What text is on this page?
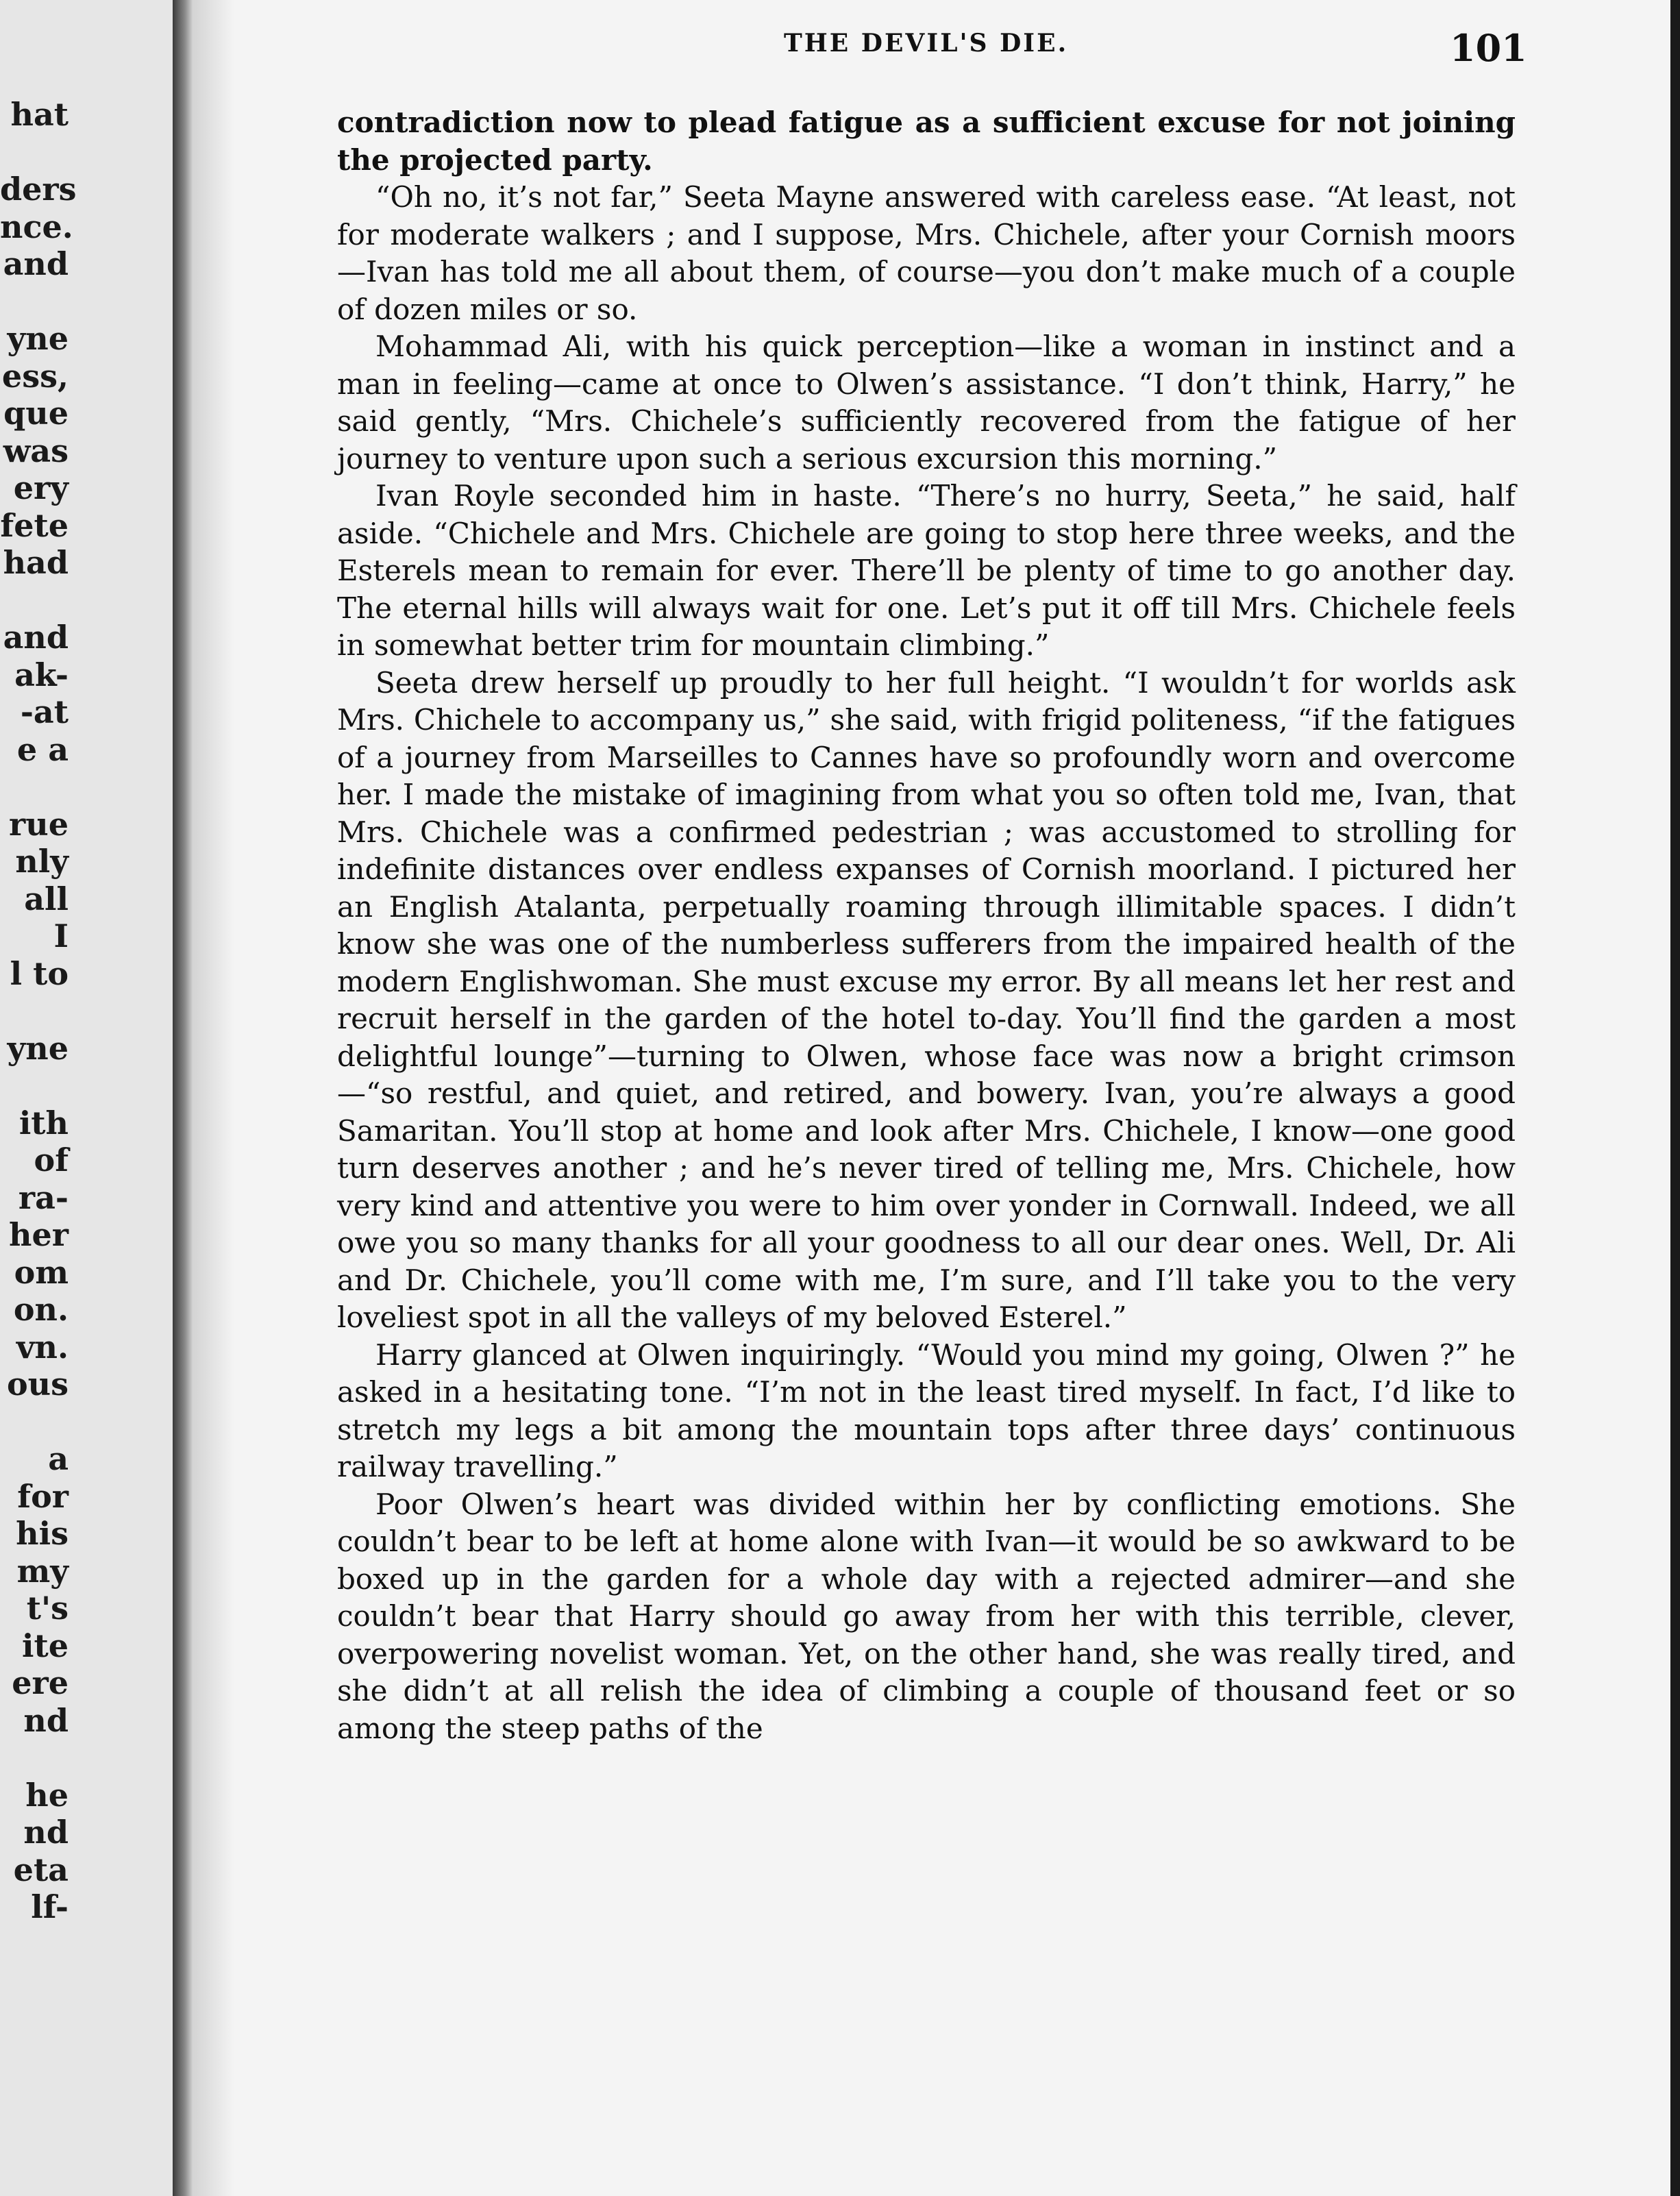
hat
ders
nce.
and
yne
ess,
que
was
ery
fete
had
and
ak-
-at
e a
rue
nly
all
I
l to
yne
ith
of
ra-
her
om
on.
vn.
ous
a
for
his
my
t's
ite
ere
nd
he
nd
eta
lf-
THE DEVIL'S DIE.	101

contradiction now to plead fatigue as a sufficient excuse for not joining the projected party.

“Oh no, it’s not far,” Seeta Mayne answered with careless ease. “At least, not for moderate walkers ; and I suppose, Mrs. Chichele, after your Cornish moors—Ivan has told me all about them, of course—you don’t make much of a couple of dozen miles or so.

Mohammad Ali, with his quick perception—like a woman in instinct and a man in feeling—came at once to Olwen’s assistance. “I don’t think, Harry,” he said gently, “Mrs. Chichele’s sufficiently recovered from the fatigue of her journey to venture upon such a serious excursion this morning.”

Ivan Royle seconded him in haste. “There’s no hurry, Seeta,” he said, half aside. “Chichele and Mrs. Chichele are going to stop here three weeks, and the Esterels mean to remain for ever. There’ll be plenty of time to go another day. The eternal hills will always wait for one. Let’s put it off till Mrs. Chichele feels in somewhat better trim for mountain climbing.”

Seeta drew herself up proudly to her full height. “I wouldn’t for worlds ask Mrs. Chichele to accompany us,” she said, with frigid politeness, “if the fatigues of a journey from Marseilles to Cannes have so profoundly worn and overcome her. I made the mistake of imagining from what you so often told me, Ivan, that Mrs. Chichele was a confirmed pedestrian ; was accustomed to strolling for indefinite distances over endless expanses of Cornish moorland. I pictured her an English Atalanta, perpetually roaming through illimitable spaces. I didn’t know she was one of the numberless sufferers from the impaired health of the modern Englishwoman. She must excuse my error. By all means let her rest and recruit herself in the garden of the hotel to-day. You’ll find the garden a most delightful lounge”—turning to Olwen, whose face was now a bright crimson—“so restful, and quiet, and retired, and bowery. Ivan, you’re always a good Samaritan. You’ll stop at home and look after Mrs. Chichele, I know—one good turn deserves another ; and he’s never tired of telling me, Mrs. Chichele, how very kind and attentive you were to him over yonder in Cornwall. Indeed, we all owe you so many thanks for all your goodness to all our dear ones. Well, Dr. Ali and Dr. Chichele, you’ll come with me, I’m sure, and I’ll take you to the very loveliest spot in all the valleys of my beloved Esterel.”

Harry glanced at Olwen inquiringly. “Would you mind my going, Olwen ?” he asked in a hesitating tone. “I’m not in the least tired myself. In fact, I’d like to stretch my legs a bit among the mountain tops after three days’ continuous railway travelling.”

Poor Olwen’s heart was divided within her by conflicting emotions. She couldn’t bear to be left at home alone with Ivan—it would be so awkward to be boxed up in the garden for a whole day with a rejected admirer—and she couldn’t bear that Harry should go away from her with this terrible, clever, overpowering novelist woman. Yet, on the other hand, she was really tired, and she didn’t at all relish the idea of climbing a couple of thousand feet or so among the steep paths of the
